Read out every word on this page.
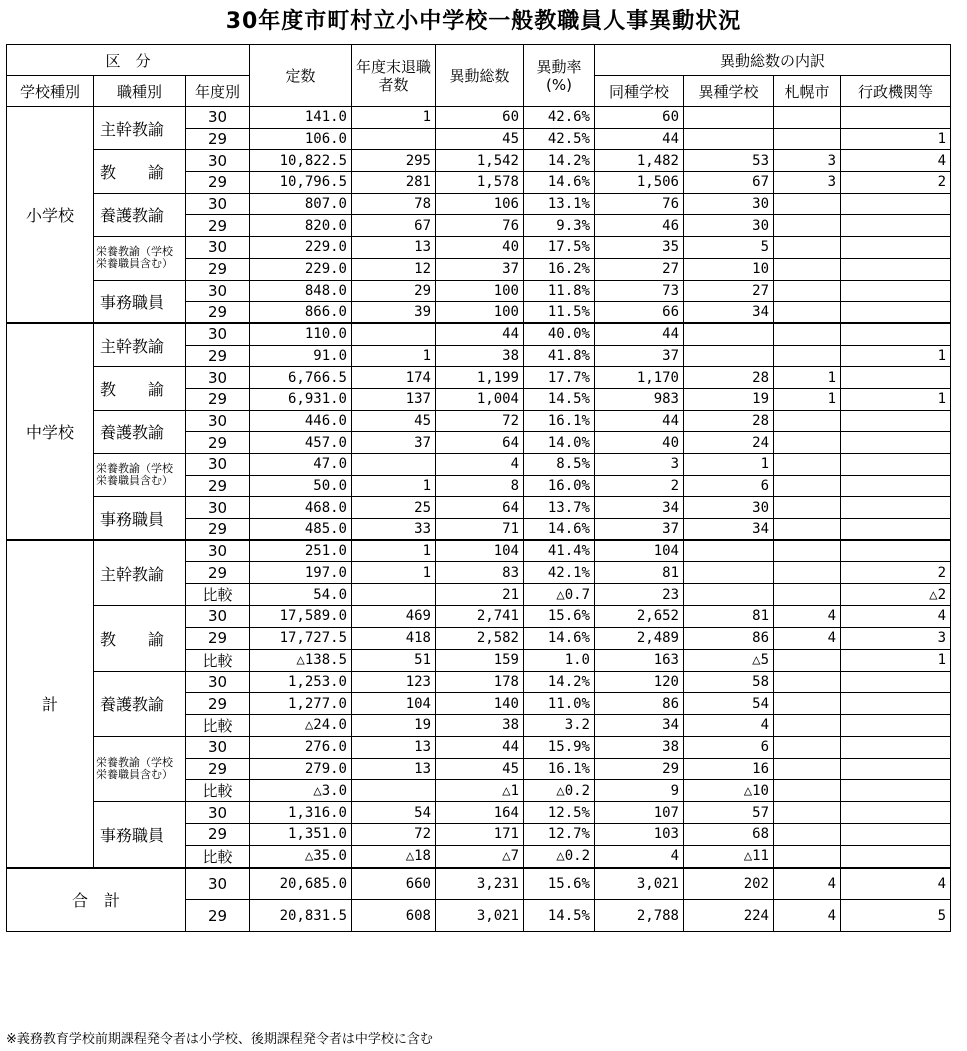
30年度市町村立小中学校一般教職員人事異動状況
区　分			定数	年度末退職者数	異動総数	異動率(%)	異動総数の内訳			
学校種別	職種別	年度別					同種学校	異種学校	札幌市	行政機関等
小学校	主幹教諭	30	141.0	1	60	42.6%	60			
		29	106.0		45	42.5%	44			1
	教　　諭	30	10,822.5	295	1,542	14.2%	1,482	53	3	4
		29	10,796.5	281	1,578	14.6%	1,506	67	3	2
	養護教諭	30	807.0	78	106	13.1%	76	30		
		29	820.0	67	76	9.3%	46	30		
	栄養教諭（学校栄養職員含む）	30	229.0	13	40	17.5%	35	5		
		29	229.0	12	37	16.2%	27	10		
	事務職員	30	848.0	29	100	11.8%	73	27		
		29	866.0	39	100	11.5%	66	34		
中学校	主幹教諭	30	110.0		44	40.0%	44			
		29	91.0	1	38	41.8%	37			1
	教　　諭	30	6,766.5	174	1,199	17.7%	1,170	28	1	
		29	6,931.0	137	1,004	14.5%	983	19	1	1
	養護教諭	30	446.0	45	72	16.1%	44	28		
		29	457.0	37	64	14.0%	40	24		
	栄養教諭（学校栄養職員含む）	30	47.0		4	8.5%	3	1		
		29	50.0	1	8	16.0%	2	6		
	事務職員	30	468.0	25	64	13.7%	34	30		
		29	485.0	33	71	14.6%	37	34		
計	主幹教諭	30	251.0	1	104	41.4%	104			
		29	197.0	1	83	42.1%	81			2
		比較	54.0		21	△0.7	23			△2
	教　　諭	30	17,589.0	469	2,741	15.6%	2,652	81	4	4
		29	17,727.5	418	2,582	14.6%	2,489	86	4	3
		比較	△138.5	51	159	1.0	163	△5		1
	養護教諭	30	1,253.0	123	178	14.2%	120	58		
		29	1,277.0	104	140	11.0%	86	54		
		比較	△24.0	19	38	3.2	34	4		
	栄養教諭（学校栄養職員含む）	30	276.0	13	44	15.9%	38	6		
		29	279.0	13	45	16.1%	29	16		
		比較	△3.0		△1	△0.2	9	△10		
	事務職員	30	1,316.0	54	164	12.5%	107	57		
		29	1,351.0	72	171	12.7%	103	68		
		比較	△35.0	△18	△7	△0.2	4	△11		
合　計		30	20,685.0	660	3,231	15.6%	3,021	202	4	4
		29	20,831.5	608	3,021	14.5%	2,788	224	4	5
※義務教育学校前期課程発令者は小学校、後期課程発令者は中学校に含む
